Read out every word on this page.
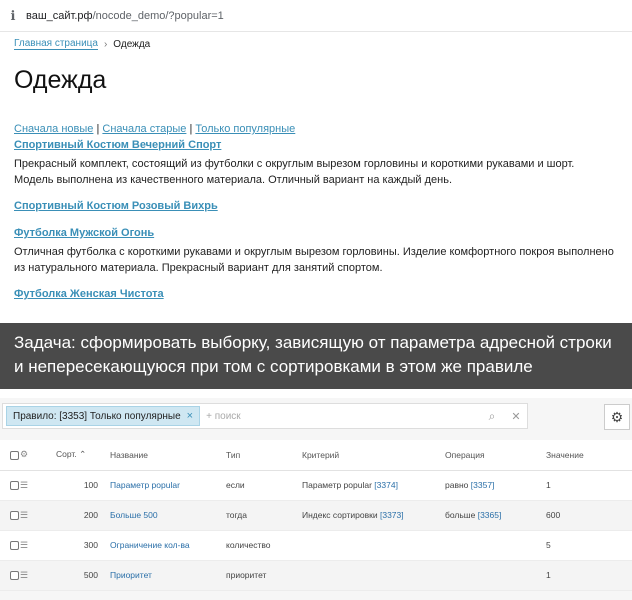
ℹ ваш_сайт.рф/nocode_demo/?popular=1
Главная страница › Одежда
Одежда
Сначала новые | Сначала старые | Только популярные
Спортивный Костюм Вечерний Спорт
Прекрасный комплект, состоящий из футболки с округлым вырезом горловины и короткими рукавами и шорт. Модель выполнена из качественного материала. Отличный вариант на каждый день.
Спортивный Костюм Розовый Вихрь
Футболка Мужской Огонь
Отличная футболка с короткими рукавами и округлым вырезом горловины. Изделие комфортного покроя выполнено из натурального материала. Прекрасный вариант для занятий спортом.
Футболка Женская Чистота
Задача: сформировать выборку, зависящую от параметра адресной строки и непересекающуюся при том с сортировками в этом же правиле
Правило: [3353] Только популярные × + поиск	⌕	✕	⚙
	⚙	Сорт. ⌃	Название	Тип	Критерий	Операция	Значение
	☰	100	Параметр popular	если	Параметр popular [3374]	равно [3357]	1
	☰	200	Больше 500	тогда	Индекс сортировки [3373]	больше [3365]	600
	☰	300	Ограничение кол-ва	количество			5
	☰	500	Приоритет	приоритет			1
